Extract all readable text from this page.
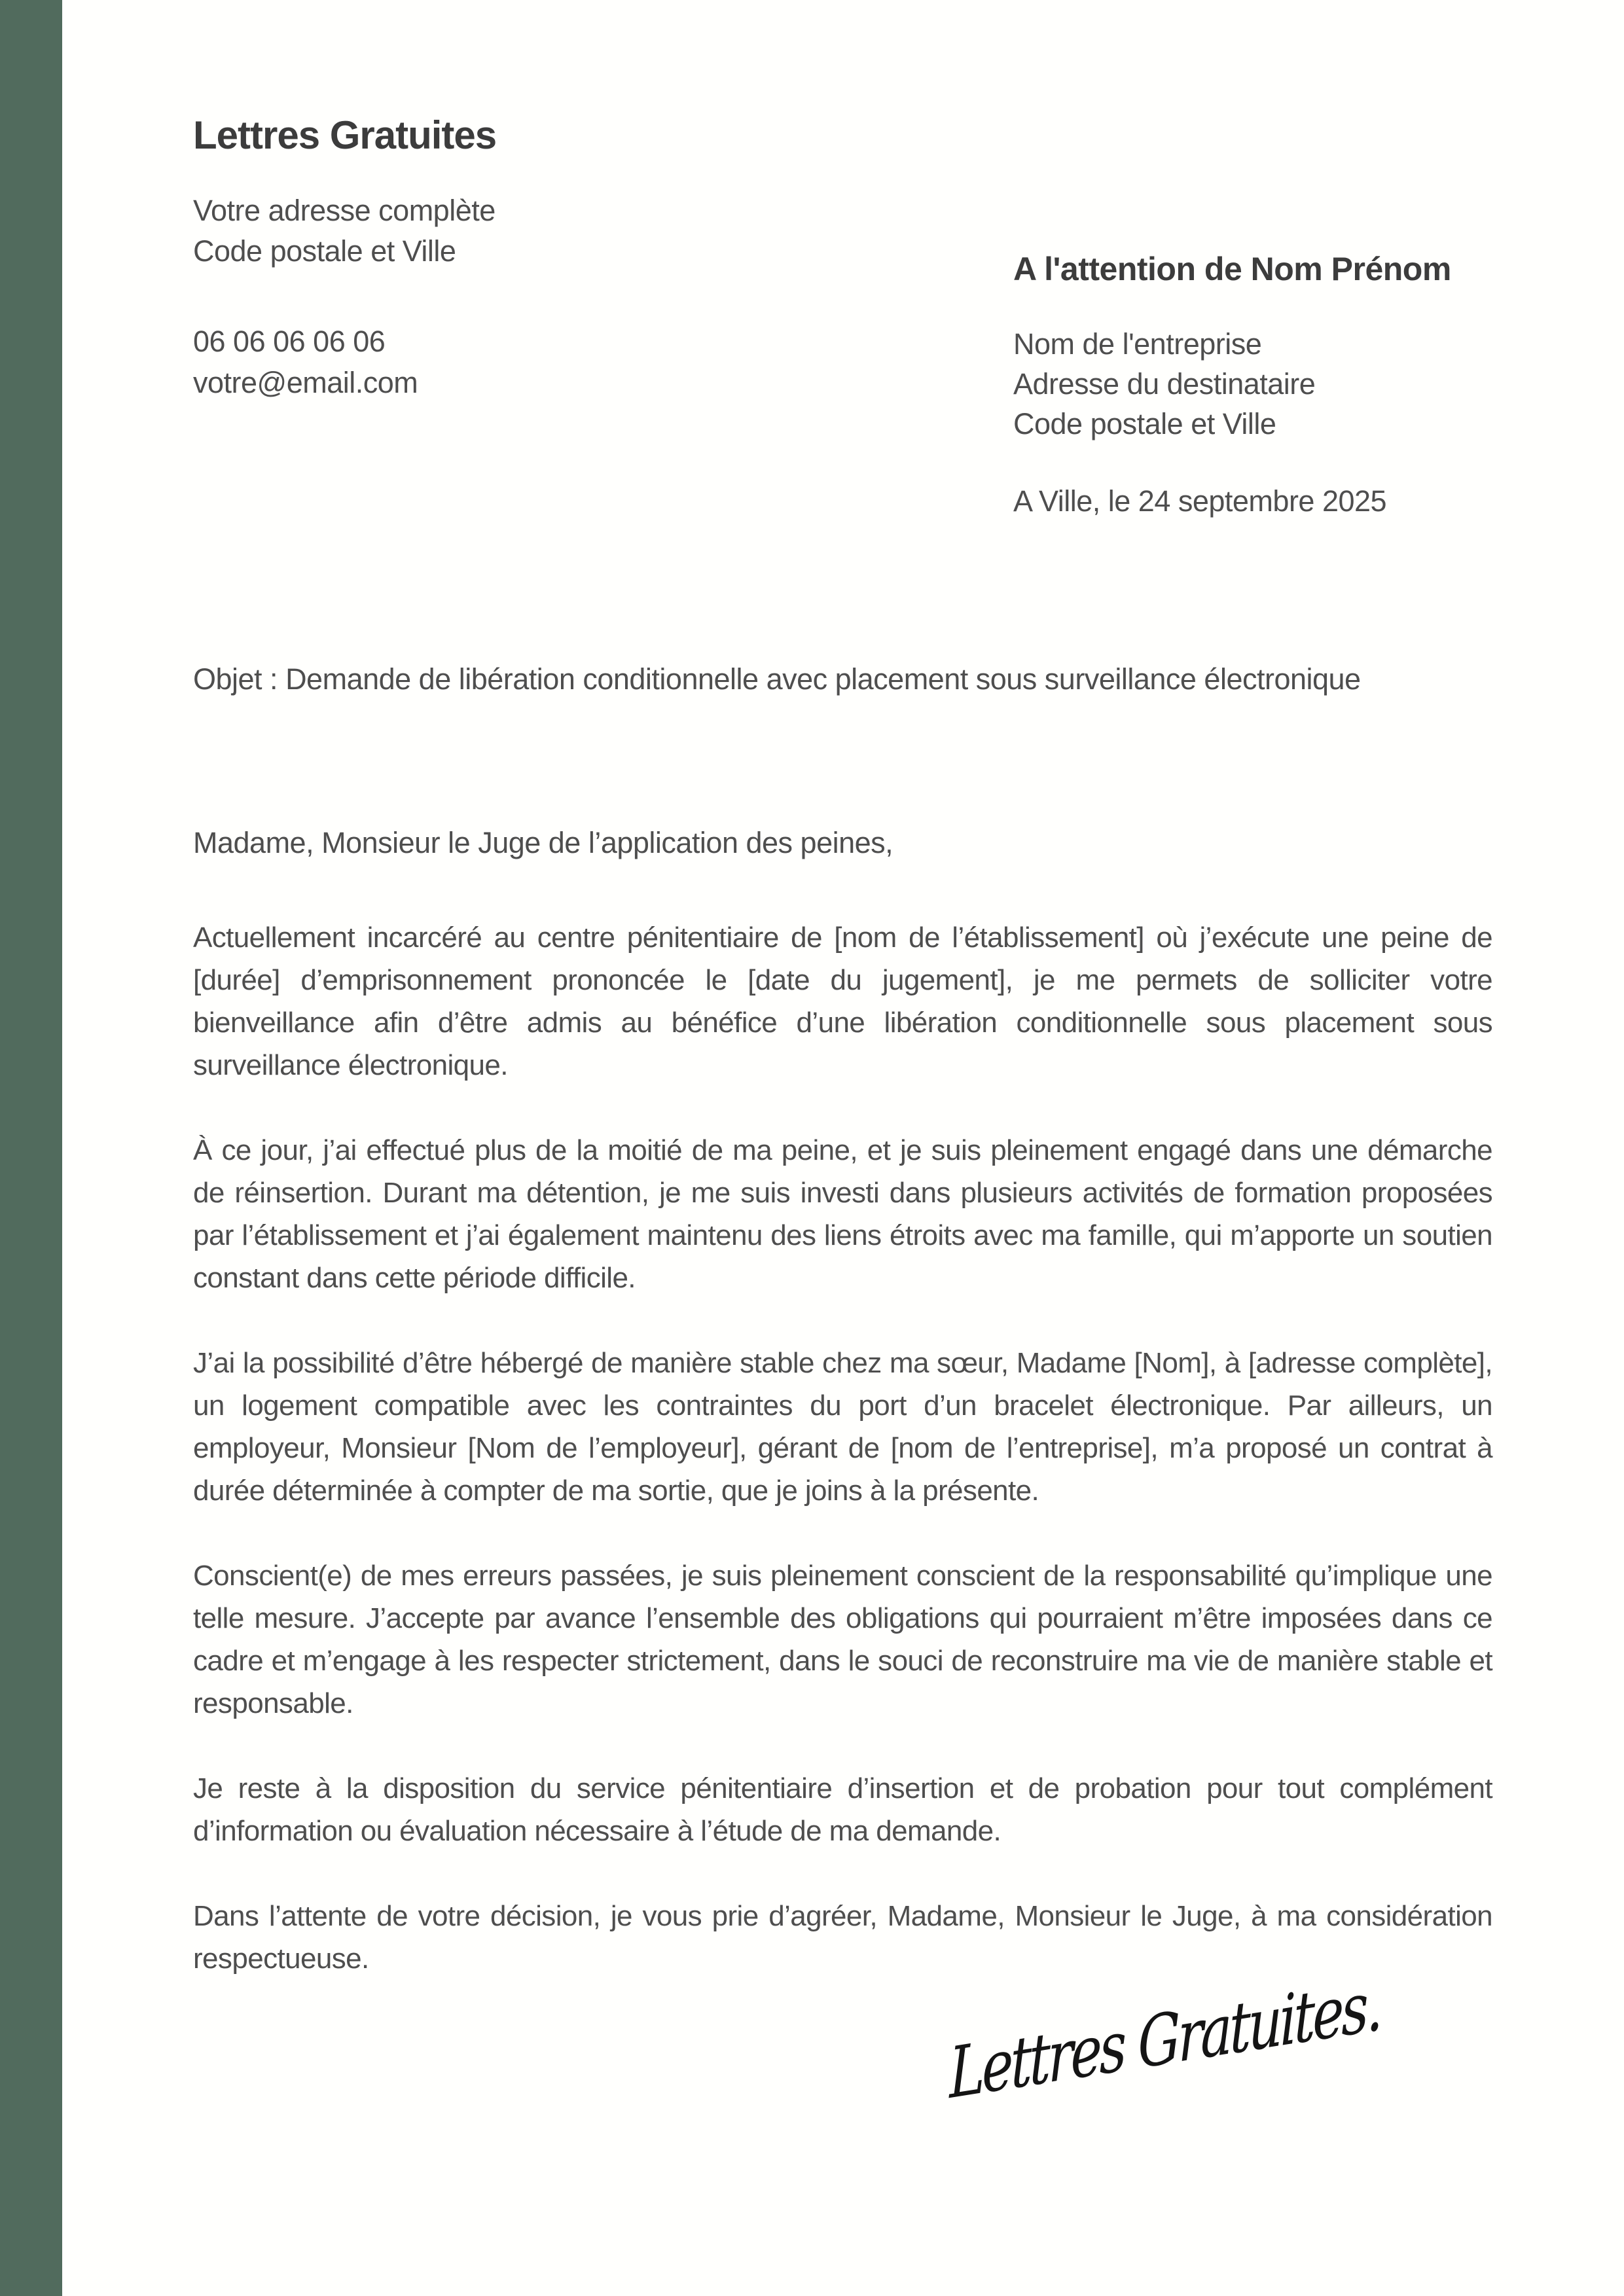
Lettres Gratuites
Votre adresse complète
Code postale et Ville
06 06 06 06 06
votre@email.com
A l'attention de Nom Prénom
Nom de l'entreprise
Adresse du destinataire
Code postale et Ville
A Ville, le 24 septembre 2025
Objet : Demande de libération conditionnelle avec placement sous surveillance électronique
Madame, Monsieur le Juge de l’application des peines,

Actuellement incarcéré au centre pénitentiaire de [nom de l’établissement] où j’exécute une peine de [durée] d’emprisonnement prononcée le [date du jugement], je me permets de solliciter votre bienveillance afin d’être admis au bénéfice d’une libération conditionnelle sous placement sous surveillance électronique.

À ce jour, j’ai effectué plus de la moitié de ma peine, et je suis pleinement engagé dans une démarche de réinsertion. Durant ma détention, je me suis investi dans plusieurs activités de formation proposées par l’établissement et j’ai également maintenu des liens étroits avec ma famille, qui m’apporte un soutien constant dans cette période difficile.

J’ai la possibilité d’être hébergé de manière stable chez ma sœur, Madame [Nom], à [adresse complète], un logement compatible avec les contraintes du port d’un bracelet électronique. Par ailleurs, un employeur, Monsieur [Nom de l’employeur], gérant de [nom de l’entreprise], m’a proposé un contrat à durée déterminée à compter de ma sortie, que je joins à la présente.

Conscient(e) de mes erreurs passées, je suis pleinement conscient de la responsabilité qu’implique une telle mesure. J’accepte par avance l’ensemble des obligations qui pourraient m’être imposées dans ce cadre et m’engage à les respecter strictement, dans le souci de reconstruire ma vie de manière stable et responsable.

Je reste à la disposition du service pénitentiaire d’insertion et de probation pour tout complément d’information ou évaluation nécessaire à l’étude de ma demande.

Dans l’attente de votre décision, je vous prie d’agréer, Madame, Monsieur le Juge, à ma considération respectueuse.

Lettres Gratuites.
